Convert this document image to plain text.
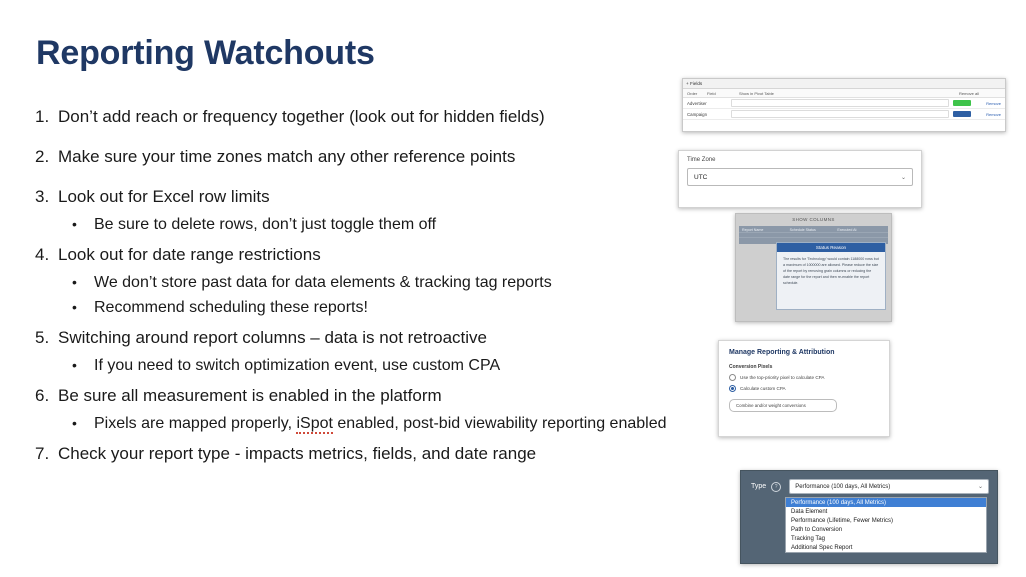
Reporting Watchouts
1. Don’t add reach or frequency together (look out for hidden fields)
2. Make sure your time zones match any other reference points
3. Look out for Excel row limits
•	Be sure to delete rows, don’t just toggle them off
4. Look out for date range restrictions
•	We don’t store past data for data elements & tracking tag reports
•	Recommend scheduling these reports!
5. Switching around report columns – data is not retroactive
•	If you need to switch optimization event, use custom CPA
6. Be sure all measurement is enabled in the platform
•	Pixels are mapped properly, iSpot enabled, post-bid viewability reporting enabled
7. Check your report type - impacts metrics, fields, and date range
+ Fields
Order	Field	Show in Pivot Table	Remove all
Advertiser	Remove
Campaign	Remove
Time Zone
UTC	⌄
SHOW COLUMNS
Report Name	Schedule Status	Executed At
Status Reason
The results for 'Technology' would contain 1188000 rows but a maximum of 1000000 are allowed. Please reduce the size of the report by removing grain columns or reducing the date range for the report and then re-enable the report schedule.
Manage Reporting & Attribution
Conversion Pixels
Use the top-priority pixel to calculate CPA
Calculate custom CPA
Combine and/or weight conversions
Type	?	Performance (100 days, All Metrics)	⌄
Performance (100 days, All Metrics)
Data Element
Performance (Lifetime, Fewer Metrics)
Path to Conversion
Tracking Tag
Additional Spec Report
